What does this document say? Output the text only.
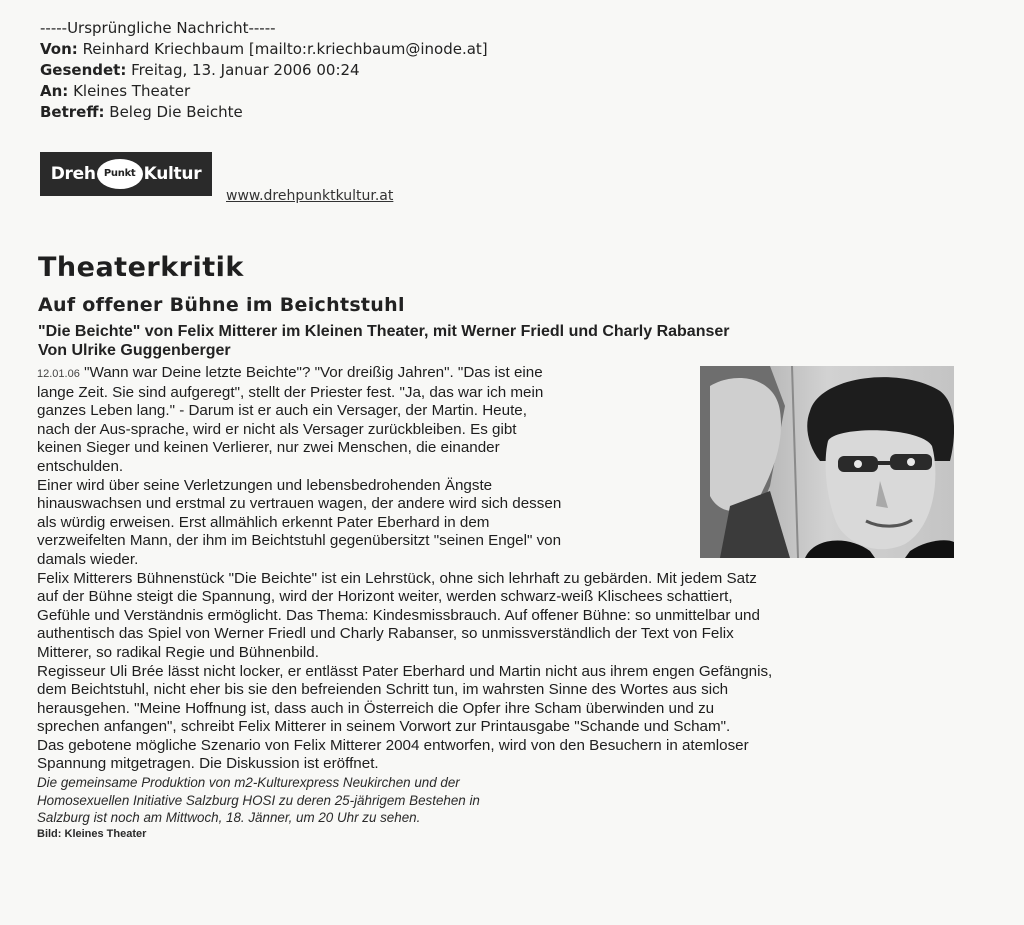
-----Ursprüngliche Nachricht-----
Von: Reinhard Kriechbaum [mailto:r.kriechbaum@inode.at]
Gesendet: Freitag, 13. Januar 2006 00:24
An: Kleines Theater
Betreff: Beleg Die Beichte
Dreh Punkt Kultur
www.drehpunktkultur.at
Theaterkritik
Auf offener Bühne im Beichtstuhl
"Die Beichte" von Felix Mitterer im Kleinen Theater, mit Werner Friedl und Charly Rabanser
Von Ulrike Guggenberger
12.01.06 "Wann war Deine letzte Beichte"? "Vor dreißig Jahren". "Das ist eine
lange Zeit. Sie sind aufgeregt", stellt der Priester fest. "Ja, das war ich mein
ganzes Leben lang." - Darum ist er auch ein Versager, der Martin. Heute,
nach der Aus-sprache, wird er nicht als Versager zurückbleiben. Es gibt
keinen Sieger und keinen Verlierer, nur zwei Menschen, die einander
entschulden.
Einer wird über seine Verletzungen und lebensbedrohenden Ängste
hinauswachsen und erstmal zu vertrauen wagen, der andere wird sich dessen
als würdig erweisen. Erst allmählich erkennt Pater Eberhard in dem
verzweifelten Mann, der ihm im Beichtstuhl gegenübersitzt "seinen Engel" von
damals wieder.
Felix Mitterers Bühnenstück "Die Beichte" ist ein Lehrstück, ohne sich lehrhaft zu gebärden. Mit jedem Satz
auf der Bühne steigt die Spannung, wird der Horizont weiter, werden schwarz-weiß Klischees schattiert,
Gefühle und Verständnis ermöglicht. Das Thema: Kindesmissbrauch. Auf offener Bühne: so unmittelbar und
authentisch das Spiel von Werner Friedl und Charly Rabanser, so unmissverständlich der Text von Felix
Mitterer, so radikal Regie und Bühnenbild.
Regisseur Uli Brée lässt nicht locker, er entlässt Pater Eberhard und Martin nicht aus ihrem engen Gefängnis,
dem Beichtstuhl, nicht eher bis sie den befreienden Schritt tun, im wahrsten Sinne des Wortes aus sich
herausgehen. "Meine Hoffnung ist, dass auch in Österreich die Opfer ihre Scham überwinden und zu
sprechen anfangen", schreibt Felix Mitterer in seinem Vorwort zur Printausgabe "Schande und Scham".
Das gebotene mögliche Szenario von Felix Mitterer 2004 entworfen, wird von den Besuchern in atemloser
Spannung mitgetragen. Die Diskussion ist eröffnet.
Die gemeinsame Produktion von m2-Kulturexpress Neukirchen und der
Homosexuellen Initiative Salzburg HOSI zu deren 25-jährigem Bestehen in
Salzburg ist noch am Mittwoch, 18. Jänner, um 20 Uhr zu sehen.
Bild: Kleines Theater
